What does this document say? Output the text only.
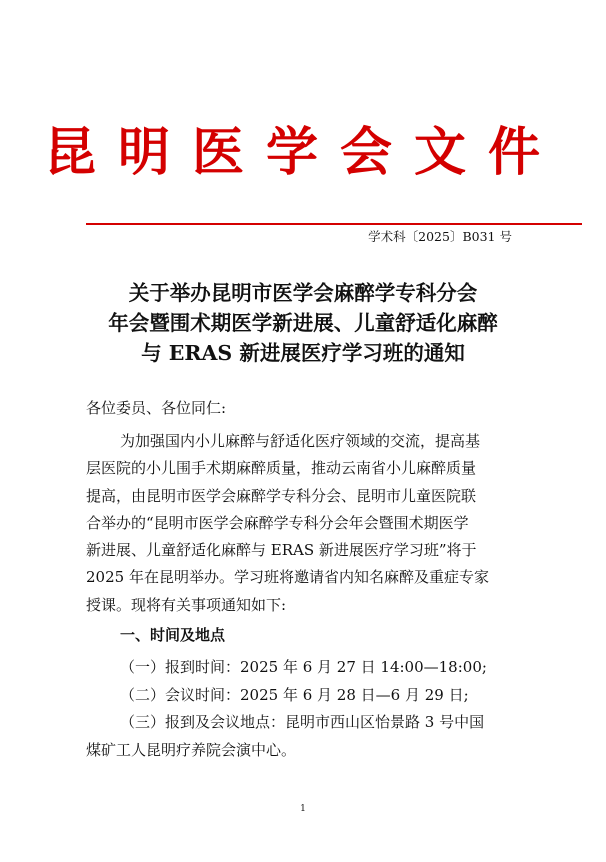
昆明医学会文件
学术科〔2025〕B031 号
关于举办昆明市医学会麻醉学专科分会
年会暨围术期医学新进展、儿童舒适化麻醉
与 ERAS 新进展医疗学习班的通知
各位委员、各位同仁:
为加强国内小儿麻醉与舒适化医疗领域的交流，提高基
层医院的小儿围手术期麻醉质量，推动云南省小儿麻醉质量
提高，由昆明市医学会麻醉学专科分会、昆明市儿童医院联
合举办的“昆明市医学会麻醉学专科分会年会暨围术期医学
新进展、儿童舒适化麻醉与 ERAS 新进展医疗学习班”将于
2025 年在昆明举办。学习班将邀请省内知名麻醉及重症专家
授课。现将有关事项通知如下:
一、时间及地点
（一）报到时间：2025 年 6 月 27 日 14:00—18:00;
（二）会议时间：2025 年 6 月 28 日—6 月 29 日;
（三）报到及会议地点：昆明市西山区怡景路 3 号中国
煤矿工人昆明疗养院会演中心。
1
